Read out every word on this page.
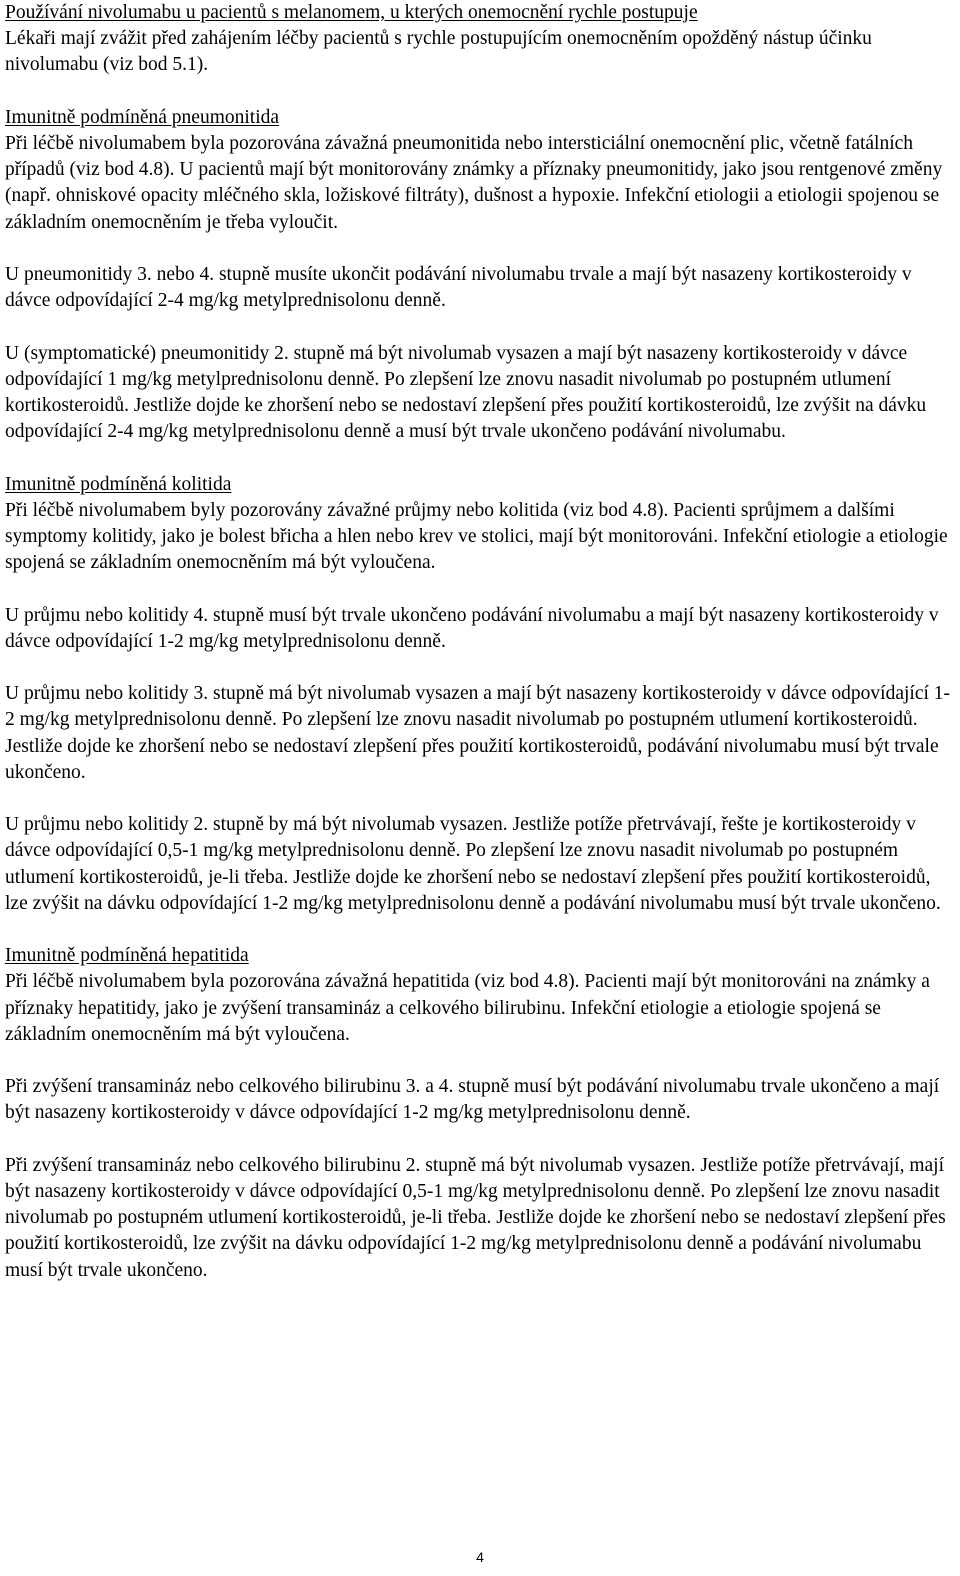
Používání nivolumabu u pacientů s melanomem, u kterých onemocnění rychle postupuje

Lékaři mají zvážit před zahájením léčby pacientů s rychle postupujícím onemocněním opožděný nástup účinku nivolumabu (viz bod 5.1).

Imunitně podmíněná pneumonitida

Při léčbě nivolumabem byla pozorována závažná pneumonitida nebo intersticiální onemocnění plic, včetně fatálních případů (viz bod 4.8). U pacientů mají být monitorovány známky a příznaky pneumonitidy, jako jsou rentgenové změny (např. ohniskové opacity mléčného skla, ložiskové filtráty), dušnost a hypoxie. Infekční etiologii a etiologii spojenou se základním onemocněním je třeba vyloučit.

U pneumonitidy 3. nebo 4. stupně musíte ukončit podávání nivolumabu trvale a mají být nasazeny kortikosteroidy v dávce odpovídající 2-4 mg/kg metylprednisolonu denně.

U (symptomatické) pneumonitidy 2. stupně má být nivolumab vysazen a mají být nasazeny kortikosteroidy v dávce odpovídající 1 mg/kg metylprednisolonu denně. Po zlepšení lze znovu nasadit nivolumab po postupném utlumení kortikosteroidů. Jestliže dojde ke zhoršení nebo se nedostaví zlepšení přes použití kortikosteroidů, lze zvýšit na dávku odpovídající 2-4 mg/kg metylprednisolonu denně a musí být trvale ukončeno podávání nivolumabu.

Imunitně podmíněná kolitida

Při léčbě nivolumabem byly pozorovány závažné průjmy nebo kolitida (viz bod 4.8). Pacienti sprůjmem a dalšími symptomy kolitidy, jako je bolest břicha a hlen nebo krev ve stolici, mají být monitorováni. Infekční etiologie a etiologie spojená se základním onemocněním má být vyloučena.

U průjmu nebo kolitidy 4. stupně musí být trvale ukončeno podávání nivolumabu a mají být nasazeny kortikosteroidy v dávce odpovídající 1-2 mg/kg metylprednisolonu denně.

U průjmu nebo kolitidy 3. stupně má být nivolumab vysazen a mají být nasazeny kortikosteroidy v dávce odpovídající 1-2 mg/kg metylprednisolonu denně. Po zlepšení lze znovu nasadit nivolumab po postupném utlumení kortikosteroidů. Jestliže dojde ke zhoršení nebo se nedostaví zlepšení přes použití kortikosteroidů, podávání nivolumabu musí být trvale ukončeno.

U průjmu nebo kolitidy 2. stupně by má být nivolumab vysazen. Jestliže potíže přetrvávají, řešte je kortikosteroidy v dávce odpovídající 0,5-1 mg/kg metylprednisolonu denně. Po zlepšení lze znovu nasadit nivolumab po postupném utlumení kortikosteroidů, je-li třeba. Jestliže dojde ke zhoršení nebo se nedostaví zlepšení přes použití kortikosteroidů, lze zvýšit na dávku odpovídající 1-2 mg/kg metylprednisolonu denně a podávání nivolumabu musí být trvale ukončeno.

Imunitně podmíněná hepatitida

Při léčbě nivolumabem byla pozorována závažná hepatitida (viz bod 4.8). Pacienti mají být monitorováni na známky a příznaky hepatitidy, jako je zvýšení transamináz a celkového bilirubinu. Infekční etiologie a etiologie spojená se základním onemocněním má být vyloučena.

Při zvýšení transamináz nebo celkového bilirubinu 3. a 4. stupně musí být podávání nivolumabu trvale ukončeno a mají být nasazeny kortikosteroidy v dávce odpovídající 1-2 mg/kg metylprednisolonu denně.

Při zvýšení transamináz nebo celkového bilirubinu 2. stupně má být nivolumab vysazen. Jestliže potíže přetrvávají, mají být nasazeny kortikosteroidy v dávce odpovídající 0,5-1 mg/kg metylprednisolonu denně. Po zlepšení lze znovu nasadit nivolumab po postupném utlumení kortikosteroidů, je-li třeba. Jestliže dojde ke zhoršení nebo se nedostaví zlepšení přes použití kortikosteroidů, lze zvýšit na dávku odpovídající 1-2 mg/kg metylprednisolonu denně a podávání nivolumabu musí být trvale ukončeno.

4
